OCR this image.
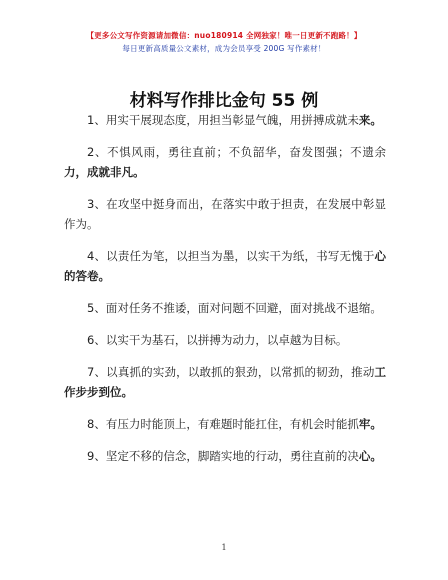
【更多公文写作资源请加微信：nuo180914 全网独家！唯一日更新不跑路！】
每日更新高质量公文素材，成为会员享受 200G 写作素材！
材料写作排比金句 55 例

1、用实干展现态度，用担当彰显气魄，用拼搏成就未来。

2、不惧风雨，勇往直前；不负韶华，奋发图强；不遗余力，成就非凡。

3、在攻坚中挺身而出，在落实中敢于担责，在发展中彰显作为。

4、以责任为笔，以担当为墨，以实干为纸，书写无愧于心的答卷。

5、面对任务不推诿，面对问题不回避，面对挑战不退缩。

6、以实干为基石，以拼搏为动力，以卓越为目标。

7、以真抓的实劲，以敢抓的狠劲，以常抓的韧劲，推动工作步步到位。

8、有压力时能顶上，有难题时能扛住，有机会时能抓牢。

9、坚定不移的信念，脚踏实地的行动，勇往直前的决心。

1
